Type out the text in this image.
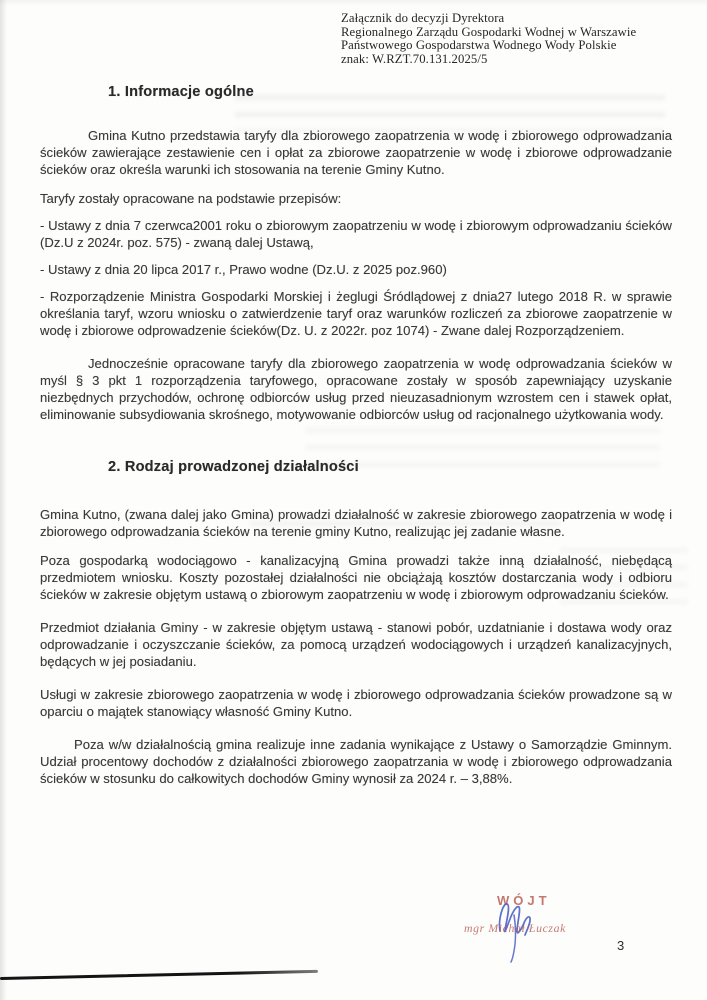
Załącznik do decyzji Dyrektora
Regionalnego Zarządu Gospodarki Wodnej w Warszawie
Państwowego Gospodarstwa Wodnego Wody Polskie
znak: W.RZT.70.131.2025/5
1. Informacje ogólne

Gmina Kutno przedstawia taryfy dla zbiorowego zaopatrzenia w wodę i zbiorowego odprowadzania ścieków zawierające zestawienie cen i opłat za zbiorowe zaopatrzenie w wodę i zbiorowe odprowadzanie ścieków oraz określa warunki ich stosowania na terenie Gminy Kutno.

Taryfy zostały opracowane na podstawie przepisów:

- Ustawy z dnia 7 czerwca2001 roku o zbiorowym zaopatrzeniu w wodę i zbiorowym odprowadzaniu ścieków (Dz.U z 2024r. poz. 575) - zwaną dalej Ustawą,

- Ustawy z dnia 20 lipca 2017 r., Prawo wodne (Dz.U. z 2025 poz.960)

- Rozporządzenie Ministra Gospodarki Morskiej i żeglugi Śródlądowej z dnia27 lutego 2018 R. w sprawie określania taryf, wzoru wniosku o zatwierdzenie taryf oraz warunków rozliczeń za zbiorowe zaopatrzenie w wodę i zbiorowe odprowadzenie ścieków(Dz. U. z 2022r. poz 1074) - Zwane dalej Rozporządzeniem.

Jednocześnie opracowane taryfy dla zbiorowego zaopatrzenia w wodę odprowadzania ścieków w myśl § 3 pkt 1 rozporządzenia taryfowego, opracowane zostały w sposób zapewniający uzyskanie niezbędnych przychodów, ochronę odbiorców usług przed nieuzasadnionym wzrostem cen i stawek opłat, eliminowanie subsydiowania skrośnego, motywowanie odbiorców usług od racjonalnego użytkowania wody.

2. Rodzaj prowadzonej działalności

Gmina Kutno, (zwana dalej jako Gmina) prowadzi działalność w zakresie zbiorowego zaopatrzenia w wodę i zbiorowego odprowadzania ścieków na terenie gminy Kutno, realizując jej zadanie własne.

Poza gospodarką wodociągowo - kanalizacyjną Gmina prowadzi także inną działalność, niebędącą przedmiotem wniosku. Koszty pozostałej działalności nie obciążają kosztów dostarczania wody i odbioru ścieków w zakresie objętym ustawą o zbiorowym zaopatrzeniu w wodę i zbiorowym odprowadzaniu ścieków.

Przedmiot działania Gminy - w zakresie objętym ustawą - stanowi pobór, uzdatnianie i dostawa wody oraz odprowadzanie i oczyszczanie ścieków, za pomocą urządzeń wodociągowych i urządzeń kanalizacyjnych, będących w jej posiadaniu.

Usługi w zakresie zbiorowego zaopatrzenia w wodę i zbiorowego odprowadzania ścieków prowadzone są w oparciu o majątek stanowiący własność Gminy Kutno.

Poza w/w działalnością gmina realizuje inne zadania wynikające z Ustawy o Samorządzie Gminnym. Udział procentowy dochodów z działalności zbiorowego zaopatrzania w wodę i zbiorowego odprowadzania ścieków w stosunku do całkowitych dochodów Gminy wynosił za 2024 r. – 3,88%.

WÓJT
mgr Michał Łuczak
3
